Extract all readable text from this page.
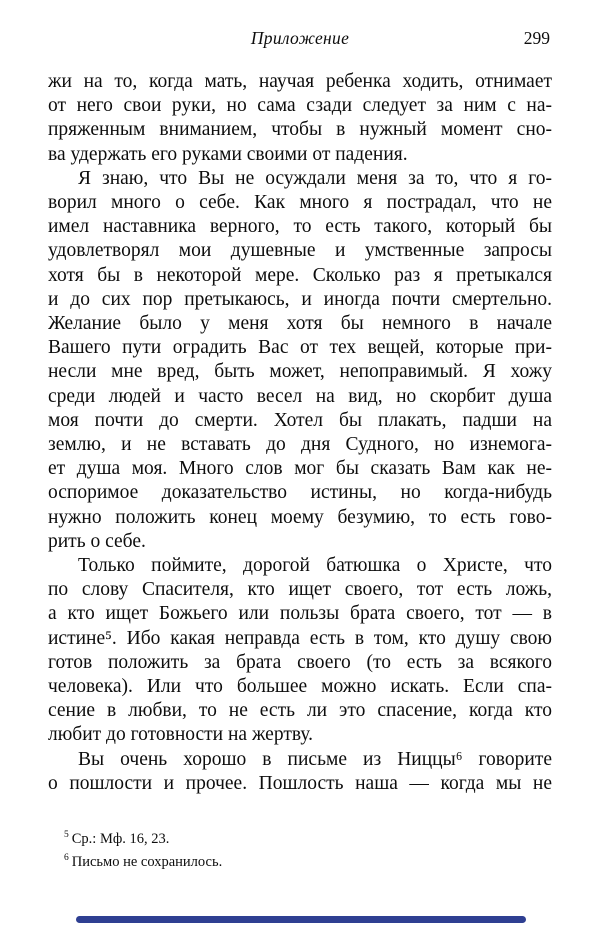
Приложение	299
жи на то, когда мать, научая ребенка ходить, отнимает
от него свои руки, но сама сзади следует за ним с на-
пряженным вниманием, чтобы в нужный момент сно-
ва удержать его руками своими от падения.
Я знаю, что Вы не осуждали меня за то, что я го-
ворил много о себе. Как много я пострадал, что не
имел наставника верного, то есть такого, который бы
удовлетворял мои душевные и умственные запросы
хотя бы в некоторой мере. Сколько раз я претыкался
и до сих пор претыкаюсь, и иногда почти смертельно.
Желание было у меня хотя бы немного в начале
Вашего пути оградить Вас от тех вещей, которые при-
несли мне вред, быть может, непоправимый. Я хожу
среди людей и часто весел на вид, но скорбит душа
моя почти до смерти. Хотел бы плакать, падши на
землю, и не вставать до дня Судного, но изнемога-
ет душа моя. Много слов мог бы сказать Вам как не-
оспоримое доказательство истины, но когда-нибудь
нужно положить конец моему безумию, то есть гово-
рить о себе.
Только поймите, дорогой батюшка о Христе, что
по слову Спасителя, кто ищет своего, тот есть ложь,
а кто ищет Божьего или пользы брата своего, тот — в
истине⁵. Ибо какая неправда есть в том, кто душу свою
готов положить за брата своего (то есть за всякого
человека). Или что большее можно искать. Если спа-
сение в любви, то не есть ли это спасение, когда кто
любит до готовности на жертву.
Вы очень хорошо в письме из Ниццы⁶ говорите
о пошлости и прочее. Пошлость наша — когда мы не
$^5$ Ср.: Мф. 16, 23.
$^6$ Письмо не сохранилось.
